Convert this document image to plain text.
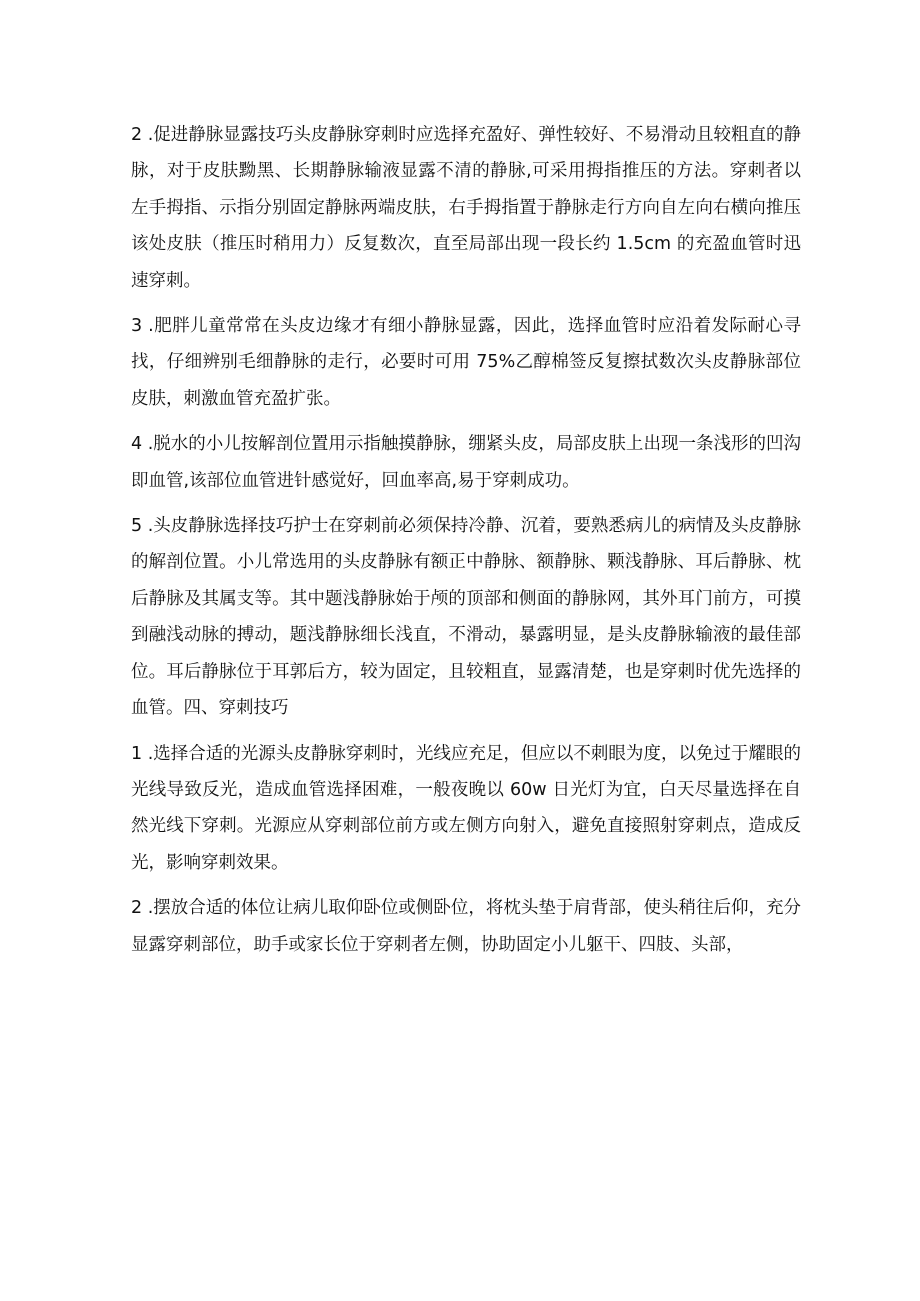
2 .促进静脉显露技巧头皮静脉穿刺时应选择充盈好、弹性较好、不易滑动且较粗直的静脉，对于皮肤黝黑、长期静脉输液显露不清的静脉,可采用拇指推压的方法。穿刺者以左手拇指、示指分别固定静脉两端皮肤，右手拇指置于静脉走行方向自左向右横向推压该处皮肤（推压时稍用力）反复数次，直至局部出现一段长约 1.5cm 的充盈血管时迅速穿刺。

3 .肥胖儿童常常在头皮边缘才有细小静脉显露，因此，选择血管时应沿着发际耐心寻找，仔细辨别毛细静脉的走行，必要时可用 75%乙醇棉签反复擦拭数次头皮静脉部位皮肤，刺激血管充盈扩张。

4 .脱水的小儿按解剖位置用示指触摸静脉，绷紧头皮，局部皮肤上出现一条浅形的凹沟即血管,该部位血管进针感觉好，回血率高,易于穿刺成功。

5 .头皮静脉选择技巧护士在穿刺前必须保持冷静、沉着，要熟悉病儿的病情及头皮静脉的解剖位置。小儿常选用的头皮静脉有额正中静脉、额静脉、颗浅静脉、耳后静脉、枕后静脉及其属支等。其中题浅静脉始于颅的顶部和侧面的静脉网，其外耳门前方，可摸到融浅动脉的搏动，题浅静脉细长浅直，不滑动，暴露明显，是头皮静脉输液的最佳部位。耳后静脉位于耳郭后方，较为固定，且较粗直，显露清楚，也是穿刺时优先选择的血管。四、穿刺技巧

1 .选择合适的光源头皮静脉穿刺时，光线应充足，但应以不刺眼为度，以免过于耀眼的光线导致反光，造成血管选择困难，一般夜晚以 60w 日光灯为宜，白天尽量选择在自然光线下穿刺。光源应从穿刺部位前方或左侧方向射入，避免直接照射穿刺点，造成反光，影响穿刺效果。

2 .摆放合适的体位让病儿取仰卧位或侧卧位，将枕头垫于肩背部，使头稍往后仰，充分显露穿刺部位，助手或家长位于穿刺者左侧，协助固定小儿躯干、四肢、头部，
